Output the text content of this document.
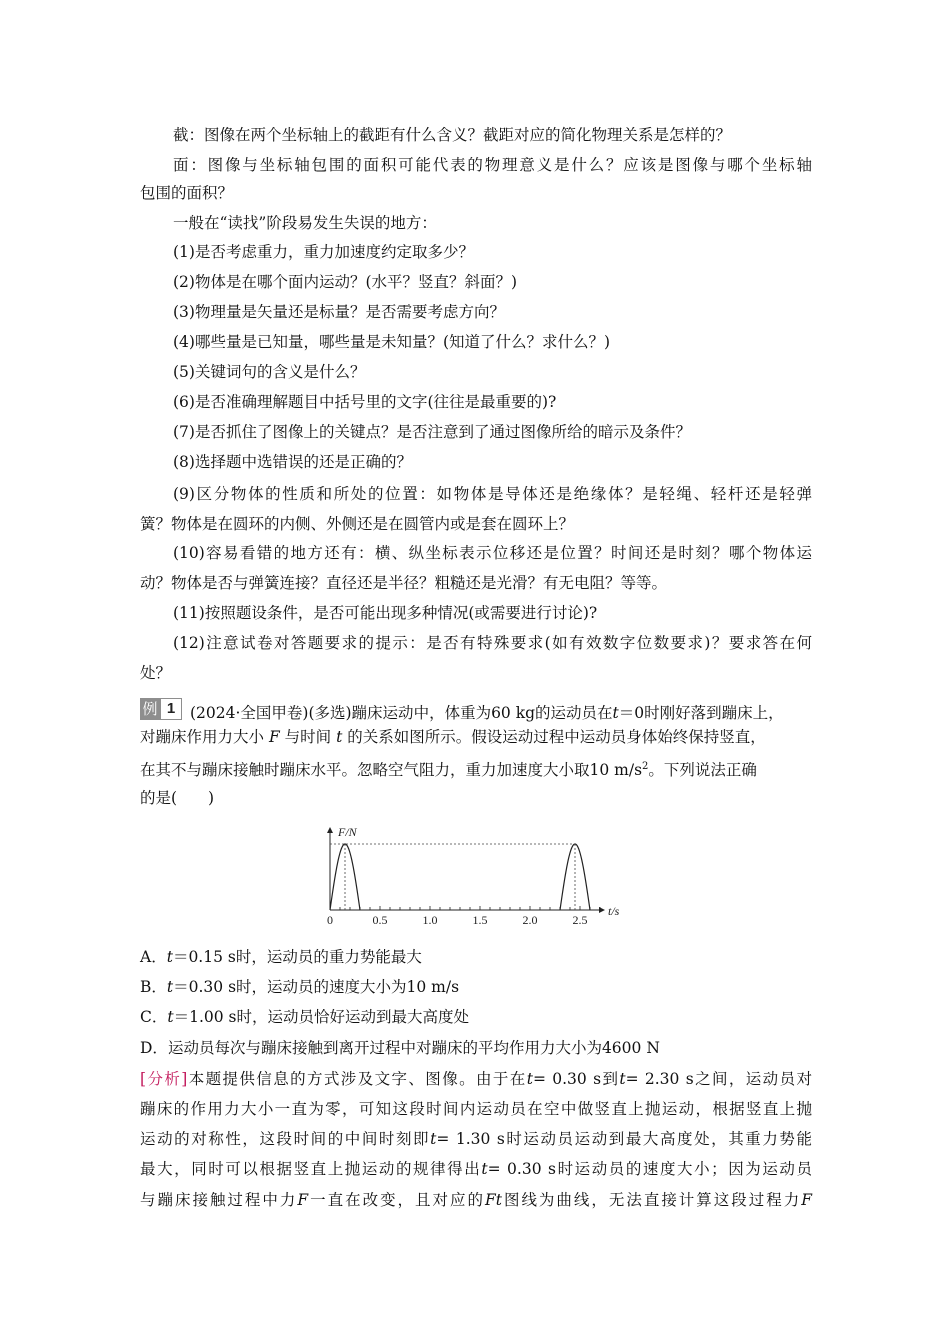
截：图像在两个坐标轴上的截距有什么含义？截距对应的简化物理关系是怎样的？
面：图像与坐标轴包围的面积可能代表的物理意义是什么？应该是图像与哪个坐标轴
包围的面积？
一般在“读找”阶段易发生失误的地方：
(1)是否考虑重力，重力加速度约定取多少？
(2)物体是在哪个面内运动？(水平？竖直？斜面？)
(3)物理量是矢量还是标量？是否需要考虑方向？
(4)哪些量是已知量，哪些量是未知量？(知道了什么？求什么？)
(5)关键词句的含义是什么？
(6)是否准确理解题目中括号里的文字(往往是最重要的)?
(7)是否抓住了图像上的关键点？是否注意到了通过图像所给的暗示及条件？
(8)选择题中选错误的还是正确的？
(9)区分物体的性质和所处的位置：如物体是导体还是绝缘体？是轻绳、轻杆还是轻弹
簧？物体是在圆环的内侧、外侧还是在圆管内或是套在圆环上？
(10)容易看错的地方还有：横、纵坐标表示位移还是位置？时间还是时刻？哪个物体运
动？物体是否与弹簧连接？直径还是半径？粗糙还是光滑？有无电阻？等等。
(11)按照题设条件，是否可能出现多种情况(或需要进行讨论)?
(12)注意试卷对答题要求的提示：是否有特殊要求(如有效数字位数要求)？要求答在何
处？
例 1 (2024·全国甲卷)(多选)蹦床运动中，体重为60 kg的运动员在t＝0时刚好落到蹦床上，
对蹦床作用力大小 F 与时间 t 的关系如图所示。假设运动过程中运动员身体始终保持竖直，
在其不与蹦床接触时蹦床水平。忽略空气阻力，重力加速度大小取10 $m/s^2$。下列说法正确
的是(　　)
0	0.5	1.0	1.5	2.0	2.5
F/N
t/s
A．t＝0.15 s时，运动员的重力势能最大
B．t＝0.30 s时，运动员的速度大小为10 m/s
C．t＝1.00 s时，运动员恰好运动到最大高度处
D．运动员每次与蹦床接触到离开过程中对蹦床的平均作用力大小为4600 N
[分析]本题提供信息的方式涉及文字、图像。由于在t= 0.30 s到t= 2.30 s之间，运动员对
蹦床的作用力大小一直为零，可知这段时间内运动员在空中做竖直上抛运动，根据竖直上抛
运动的对称性，这段时间的中间时刻即t= 1.30 s时运动员运动到最大高度处，其重力势能
最大，同时可以根据竖直上抛运动的规律得出t= 0.30 s时运动员的速度大小；因为运动员
与蹦床接触过程中力F一直在改变，且对应的Ft图线为曲线，无法直接计算这段过程力F
